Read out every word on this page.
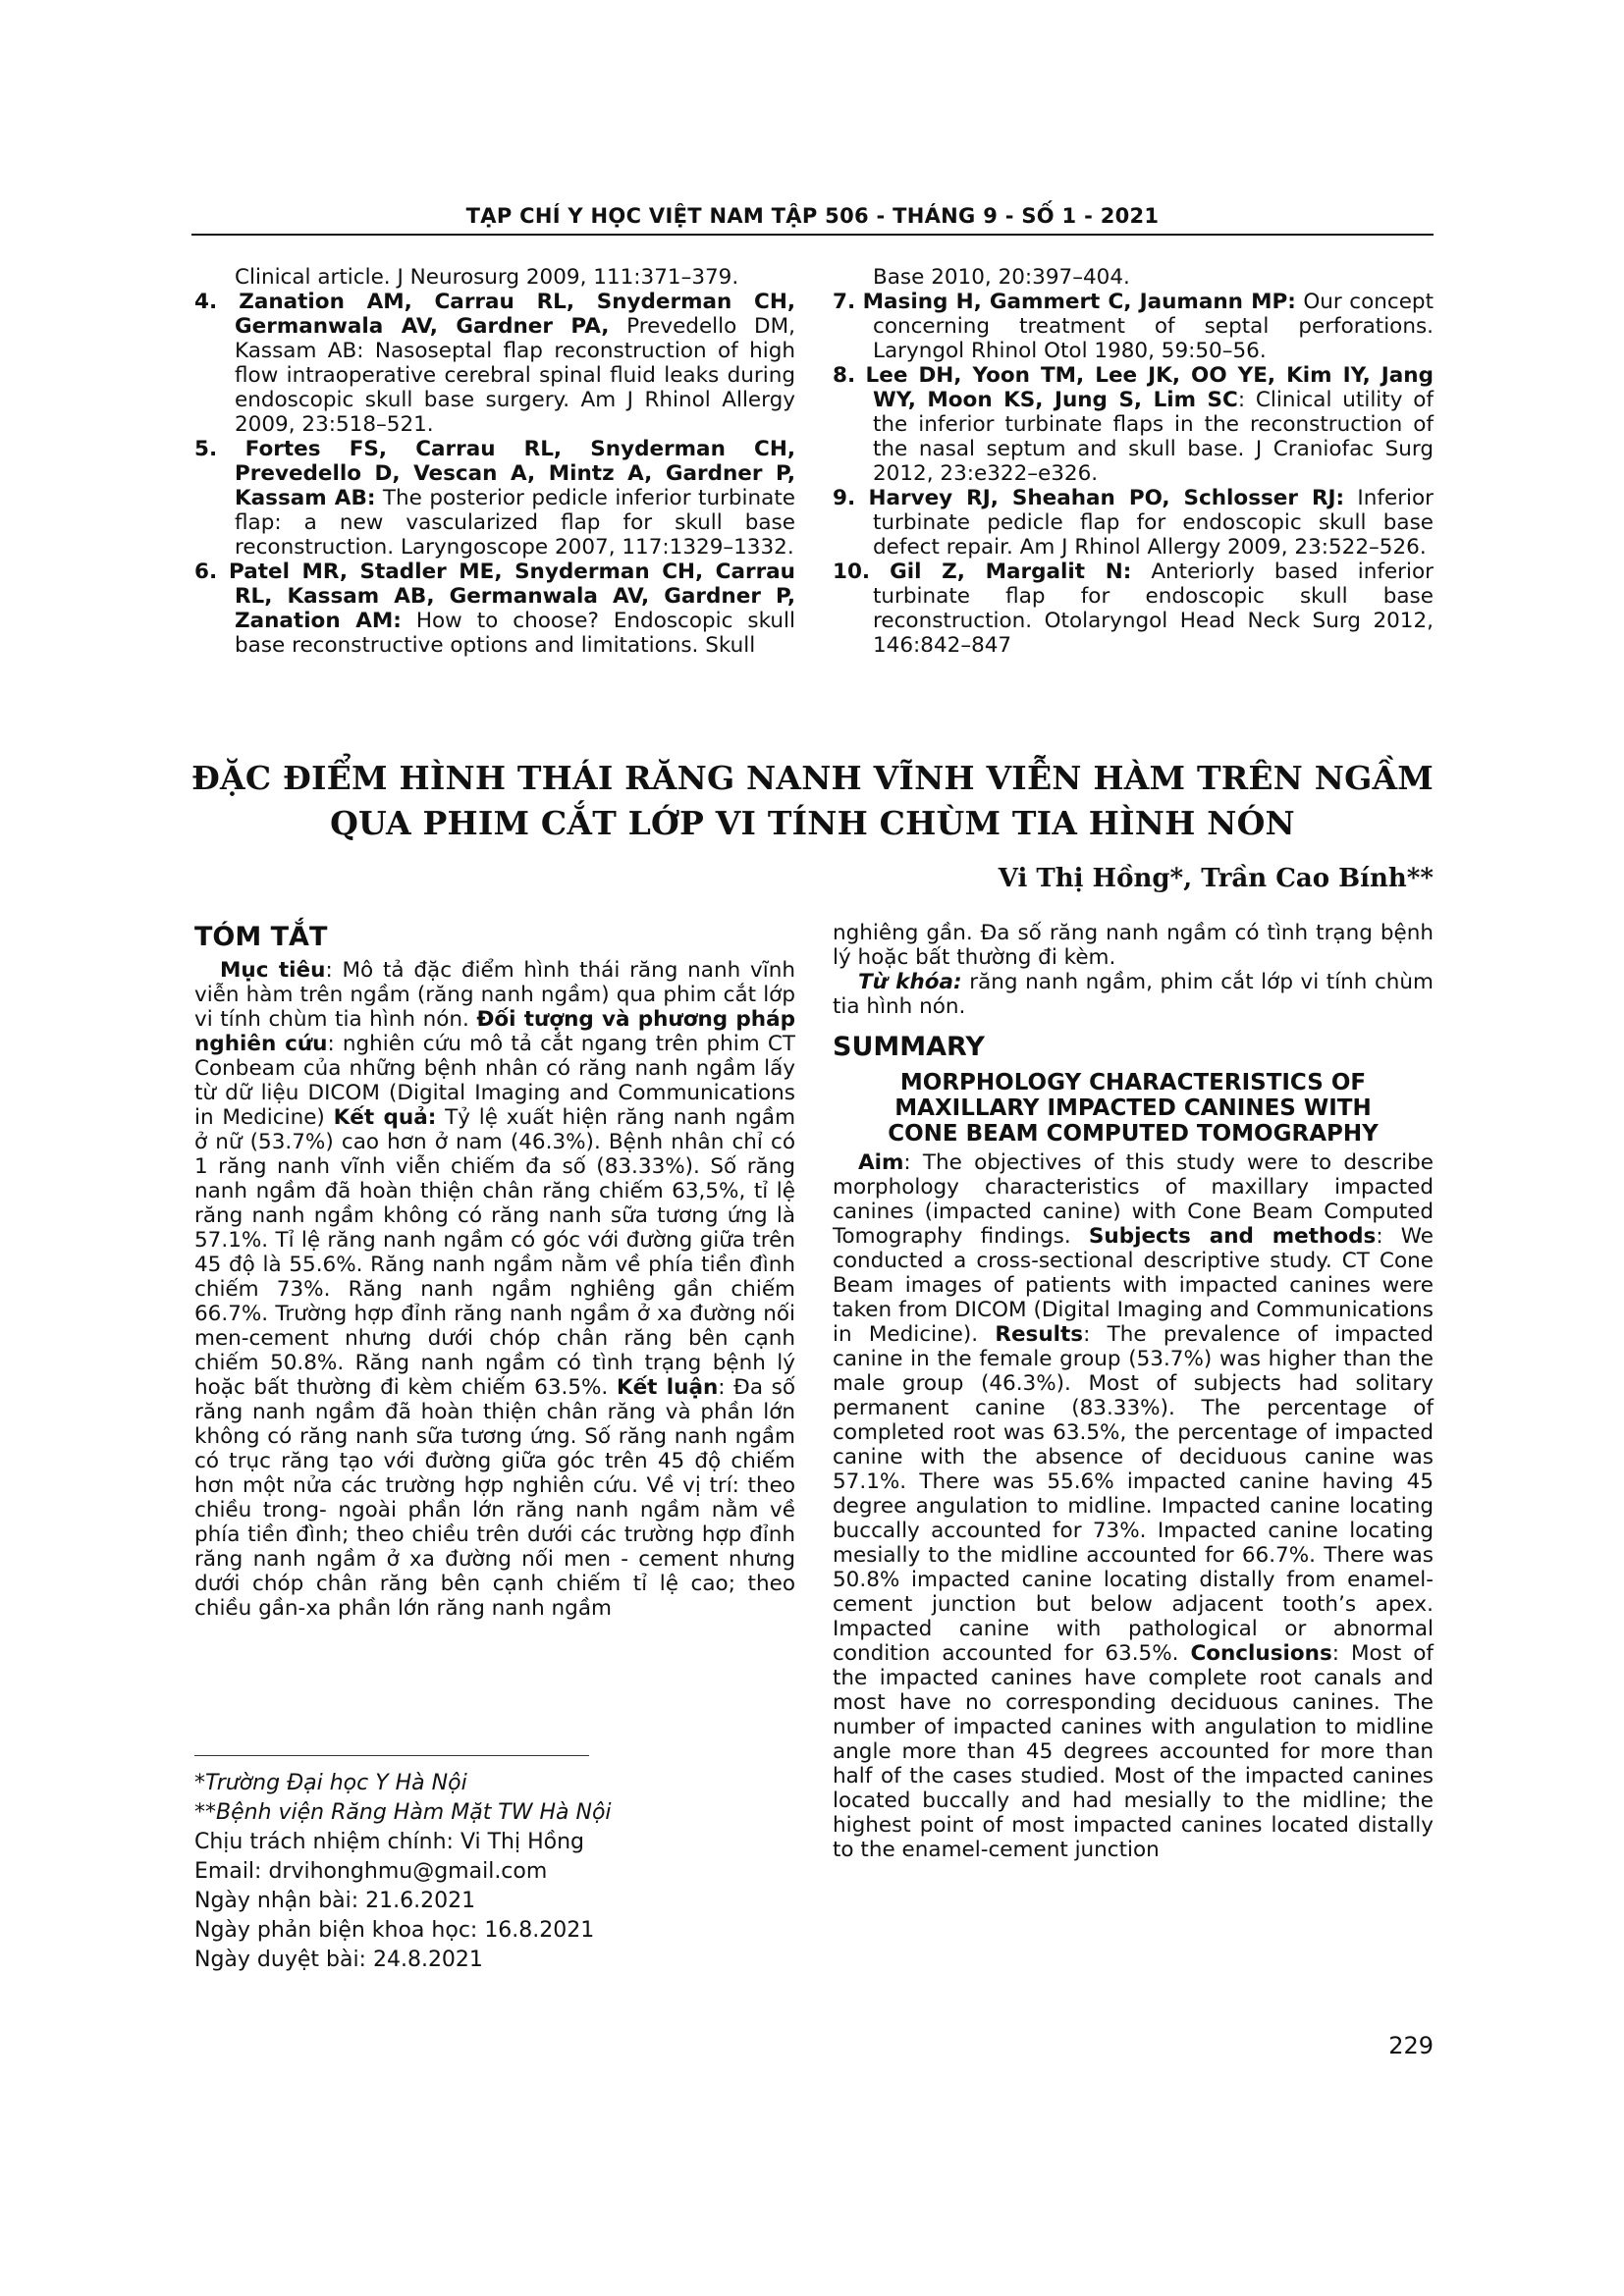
TẠP CHÍ Y HỌC VIỆT NAM TẬP 506 - THÁNG 9 - SỐ 1 - 2021

Clinical article. J Neurosurg 2009, 111:371–379.

4. Zanation AM, Carrau RL, Snyderman CH, Germanwala AV, Gardner PA, Prevedello DM, Kassam AB: Nasoseptal flap reconstruction of high flow intraoperative cerebral spinal fluid leaks during endoscopic skull base surgery. Am J Rhinol Allergy 2009, 23:518–521.

5. Fortes FS, Carrau RL, Snyderman CH, Prevedello D, Vescan A, Mintz A, Gardner P, Kassam AB: The posterior pedicle inferior turbinate flap: a new vascularized flap for skull base reconstruction. Laryngoscope 2007, 117:1329–1332.

6. Patel MR, Stadler ME, Snyderman CH, Carrau RL, Kassam AB, Germanwala AV, Gardner P, Zanation AM: How to choose? Endoscopic skull base reconstructive options and limitations. Skull

Base 2010, 20:397–404.

7. Masing H, Gammert C, Jaumann MP: Our concept concerning treatment of septal perforations. Laryngol Rhinol Otol 1980, 59:50–56.

8. Lee DH, Yoon TM, Lee JK, OO YE, Kim IY, Jang WY, Moon KS, Jung S, Lim SC: Clinical utility of the inferior turbinate flaps in the reconstruction of the nasal septum and skull base. J Craniofac Surg 2012, 23:e322–e326.

9. Harvey RJ, Sheahan PO, Schlosser RJ: Inferior turbinate pedicle flap for endoscopic skull base defect repair. Am J Rhinol Allergy 2009, 23:522–526.

10. Gil Z, Margalit N: Anteriorly based inferior turbinate flap for endoscopic skull base reconstruction. Otolaryngol Head Neck Surg 2012, 146:842–847

ĐẶC ĐIỂM HÌNH THÁI RĂNG NANH VĨNH VIỄN HÀM TRÊN NGẦM
QUA PHIM CẮT LỚP VI TÍNH CHÙM TIA HÌNH NÓN
Vi Thị Hồng*, Trần Cao Bính**
TÓM TẮT

Mục tiêu: Mô tả đặc điểm hình thái răng nanh vĩnh viễn hàm trên ngầm (răng nanh ngầm) qua phim cắt lớp vi tính chùm tia hình nón. Đối tượng và phương pháp nghiên cứu: nghiên cứu mô tả cắt ngang trên phim CT Conbeam của những bệnh nhân có răng nanh ngầm lấy từ dữ liệu DICOM (Digital Imaging and Communications in Medicine) Kết quả: Tỷ lệ xuất hiện răng nanh ngầm ở nữ (53.7%) cao hơn ở nam (46.3%). Bệnh nhân chỉ có 1 răng nanh vĩnh viễn chiếm đa số (83.33%). Số răng nanh ngầm đã hoàn thiện chân răng chiếm 63,5%, tỉ lệ răng nanh ngầm không có răng nanh sữa tương ứng là 57.1%. Tỉ lệ răng nanh ngầm có góc với đường giữa trên 45 độ là 55.6%. Răng nanh ngầm nằm về phía tiền đình chiếm 73%. Răng nanh ngầm nghiêng gần chiếm 66.7%. Trường hợp đỉnh răng nanh ngầm ở xa đường nối men-cement nhưng dưới chóp chân răng bên cạnh chiếm 50.8%. Răng nanh ngầm có tình trạng bệnh lý hoặc bất thường đi kèm chiếm 63.5%. Kết luận: Đa số răng nanh ngầm đã hoàn thiện chân răng và phần lớn không có răng nanh sữa tương ứng. Số răng nanh ngầm có trục răng tạo với đường giữa góc trên 45 độ chiếm hơn một nửa các trường hợp nghiên cứu. Về vị trí: theo chiều trong- ngoài phần lớn răng nanh ngầm nằm về phía tiền đình; theo chiều trên dưới các trường hợp đỉnh răng nanh ngầm ở xa đường nối men - cement nhưng dưới chóp chân răng bên cạnh chiếm tỉ lệ cao; theo chiều gần-xa phần lớn răng nanh ngầm

*Trường Đại học Y Hà Nội
**Bệnh viện Răng Hàm Mặt TW Hà Nội
Chịu trách nhiệm chính: Vi Thị Hồng
Email: drvihonghmu@gmail.com
Ngày nhận bài: 21.6.2021
Ngày phản biện khoa học: 16.8.2021
Ngày duyệt bài: 24.8.2021

nghiêng gần. Đa số răng nanh ngầm có tình trạng bệnh lý hoặc bất thường đi kèm.

Từ khóa: răng nanh ngầm, phim cắt lớp vi tính chùm tia hình nón.

SUMMARY
MORPHOLOGY CHARACTERISTICS OF
MAXILLARY IMPACTED CANINES WITH
CONE BEAM COMPUTED TOMOGRAPHY

Aim: The objectives of this study were to describe morphology characteristics of maxillary impacted canines (impacted canine) with Cone Beam Computed Tomography findings. Subjects and methods: We conducted a cross-sectional descriptive study. CT Cone Beam images of patients with impacted canines were taken from DICOM (Digital Imaging and Communications in Medicine). Results: The prevalence of impacted canine in the female group (53.7%) was higher than the male group (46.3%). Most of subjects had solitary permanent canine (83.33%). The percentage of completed root was 63.5%, the percentage of impacted canine with the absence of deciduous canine was 57.1%. There was 55.6% impacted canine having 45 degree angulation to midline. Impacted canine locating buccally accounted for 73%. Impacted canine locating mesially to the midline accounted for 66.7%. There was 50.8% impacted canine locating distally from enamel-cement junction but below adjacent tooth’s apex. Impacted canine with pathological or abnormal condition accounted for 63.5%. Conclusions: Most of the impacted canines have complete root canals and most have no corresponding deciduous canines. The number of impacted canines with angulation to midline angle more than 45 degrees accounted for more than half of the cases studied. Most of the impacted canines located buccally and had mesially to the midline; the highest point of most impacted canines located distally to the enamel-cement junction

229
